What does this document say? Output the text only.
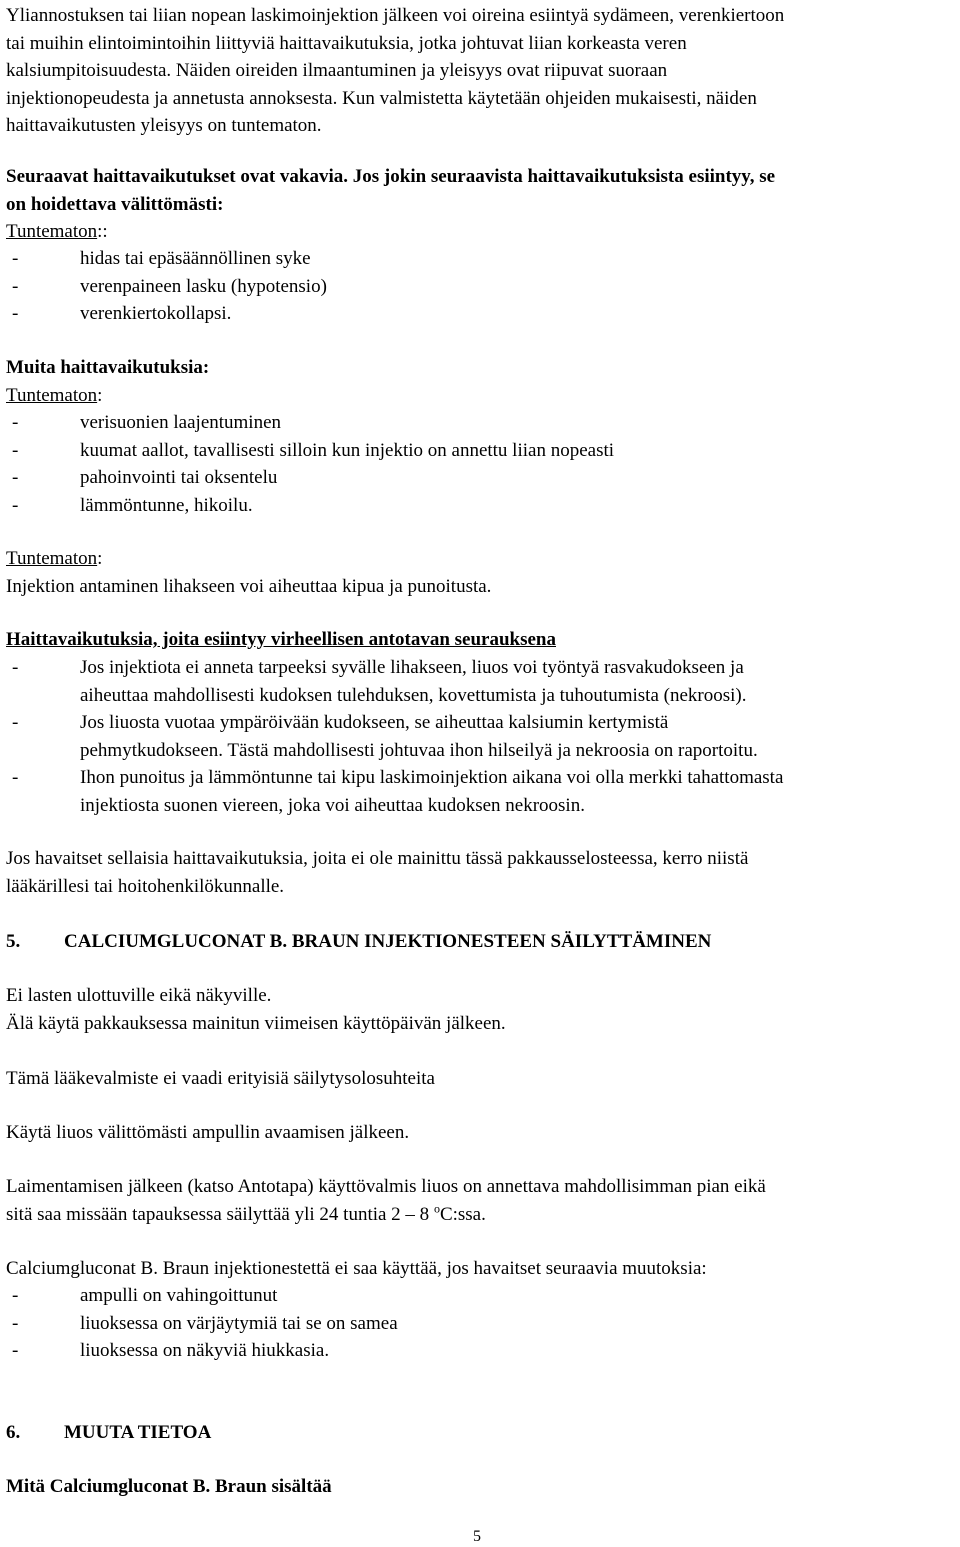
Yliannostuksen tai liian nopean laskimoinjektion jälkeen voi oireina esiintyä sydämeen, verenkiertoon
tai muihin elintoimintoihin liittyviä haittavaikutuksia, jotka johtuvat liian korkeasta veren
kalsiumpitoisuudesta. Näiden oireiden ilmaantuminen ja yleisyys ovat riipuvat suoraan
injektionopeudesta ja annetusta annoksesta. Kun valmistetta käytetään ohjeiden mukaisesti, näiden
haittavaikutusten yleisyys on tuntematon.
Seuraavat haittavaikutukset ovat vakavia. Jos jokin seuraavista haittavaikutuksista esiintyy, se
on hoidettava välittömästi:
Tuntematon::
-	hidas tai epäsäännöllinen syke
-	verenpaineen lasku (hypotensio)
-	verenkiertokollapsi.
Muita haittavaikutuksia:
Tuntematon:
-	verisuonien laajentuminen
-	kuumat aallot, tavallisesti silloin kun injektio on annettu liian nopeasti
-	pahoinvointi tai oksentelu
-	lämmöntunne, hikoilu.
Tuntematon:
Injektion antaminen lihakseen voi aiheuttaa kipua ja punoitusta.
Haittavaikutuksia, joita esiintyy virheellisen antotavan seurauksena
-	Jos injektiota ei anneta tarpeeksi syvälle lihakseen, liuos voi työntyä rasvakudokseen ja
aiheuttaa mahdollisesti kudoksen tulehduksen, kovettumista ja tuhoutumista (nekroosi).
-	Jos liuosta vuotaa ympäröivään kudokseen, se aiheuttaa kalsiumin kertymistä
pehmytkudokseen. Tästä mahdollisesti johtuvaa ihon hilseilyä ja nekroosia on raportoitu.
-	Ihon punoitus ja lämmöntunne tai kipu laskimoinjektion aikana voi olla merkki tahattomasta
injektiosta suonen viereen, joka voi aiheuttaa kudoksen nekroosin.
Jos havaitset sellaisia haittavaikutuksia, joita ei ole mainittu tässä pakkausselosteessa, kerro niistä
lääkärillesi tai hoitohenkilökunnalle.
5. CALCIUMGLUCONAT B. BRAUN INJEKTIONESTEEN SÄILYTTÄMINEN
Ei lasten ulottuville eikä näkyville.
Älä käytä pakkauksessa mainitun viimeisen käyttöpäivän jälkeen.
Tämä lääkevalmiste ei vaadi erityisiä säilytysolosuhteita
Käytä liuos välittömästi ampullin avaamisen jälkeen.
Laimentamisen jälkeen (katso Antotapa) käyttövalmis liuos on annettava mahdollisimman pian eikä
sitä saa missään tapauksessa säilyttää yli 24 tuntia 2 – 8 $^o$C:ssa.
Calciumgluconat B. Braun injektionestettä ei saa käyttää, jos havaitset seuraavia muutoksia:
-	ampulli on vahingoittunut
-	liuoksessa on värjäytymiä tai se on samea
-	liuoksessa on näkyviä hiukkasia.
6. MUUTA TIETOA
Mitä Calciumgluconat B. Braun sisältää
5
